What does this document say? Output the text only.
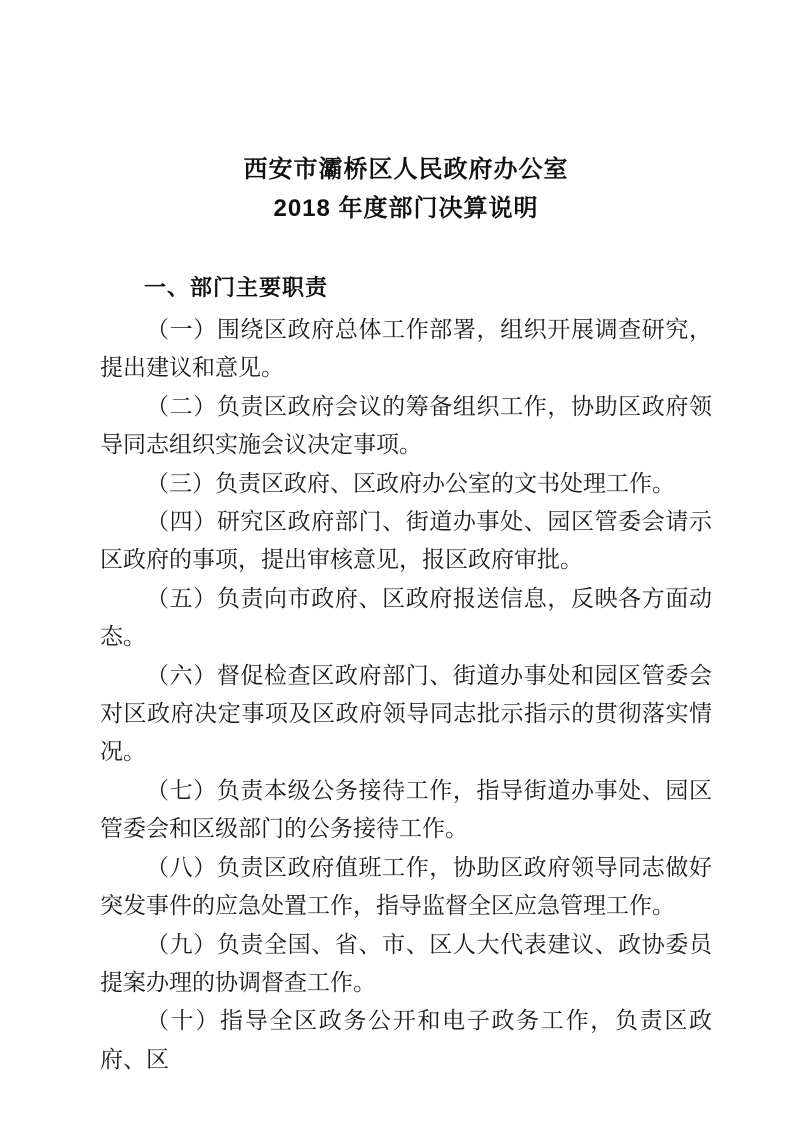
西安市灞桥区人民政府办公室
2018 年度部门决算说明
一、部门主要职责

（一）围绕区政府总体工作部署，组织开展调查研究，提出建议和意见。

（二）负责区政府会议的筹备组织工作，协助区政府领导同志组织实施会议决定事项。

（三）负责区政府、区政府办公室的文书处理工作。

（四）研究区政府部门、街道办事处、园区管委会请示区政府的事项，提出审核意见，报区政府审批。

（五）负责向市政府、区政府报送信息，反映各方面动态。

（六）督促检查区政府部门、街道办事处和园区管委会对区政府决定事项及区政府领导同志批示指示的贯彻落实情况。

（七）负责本级公务接待工作，指导街道办事处、园区管委会和区级部门的公务接待工作。

（八）负责区政府值班工作，协助区政府领导同志做好突发事件的应急处置工作，指导监督全区应急管理工作。

（九）负责全国、省、市、区人大代表建议、政协委员提案办理的协调督查工作。

（十）指导全区政务公开和电子政务工作，负责区政府、区
